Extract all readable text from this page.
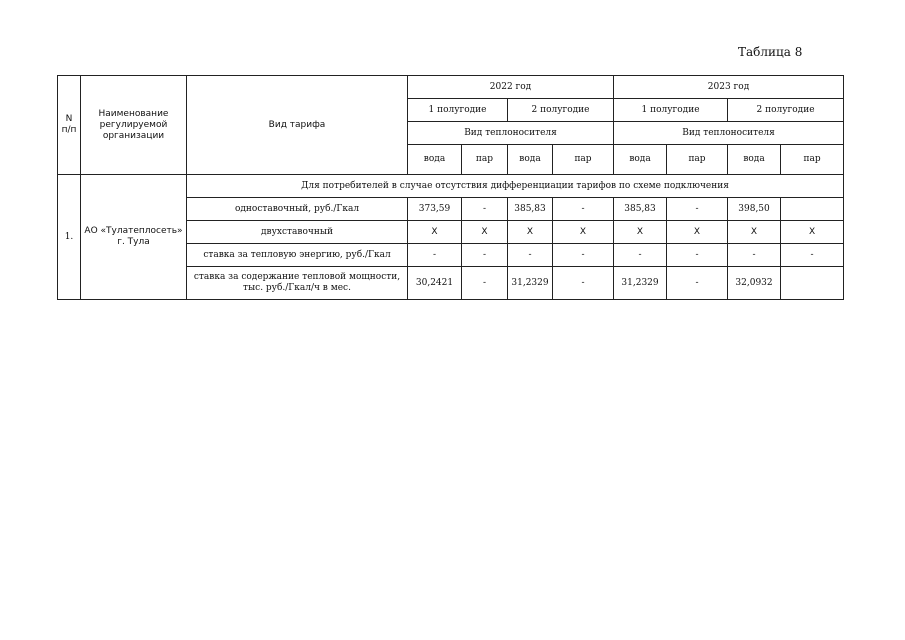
Таблица 8
N п/п	Наименование регулируемой организации	Вид тарифа	2022 год				2023 год			
			1 полугодие		2 полугодие		1 полугодие		2 полугодие	
			Вид теплоносителя				Вид теплоносителя			
			вода	пар	вода	пар	вода	пар	вода	пар
1.	АО «Тулатеплосеть» г. Тула	Для потребителей в случае отсутствия дифференциации тарифов по схеме подключения								
		одноставочный, руб./Гкал	373,59	-	385,83	-	385,83	-	398,50	
		двухставочный	X	X	X	X	X	X	X	X
		ставка за тепловую энергию, руб./Гкал	-	-	-	-	-	-	-	-
		ставка за содержание тепловой мощности, тыс. руб./Гкал/ч в мес.	30,2421	-	31,2329	-	31,2329	-	32,0932	
